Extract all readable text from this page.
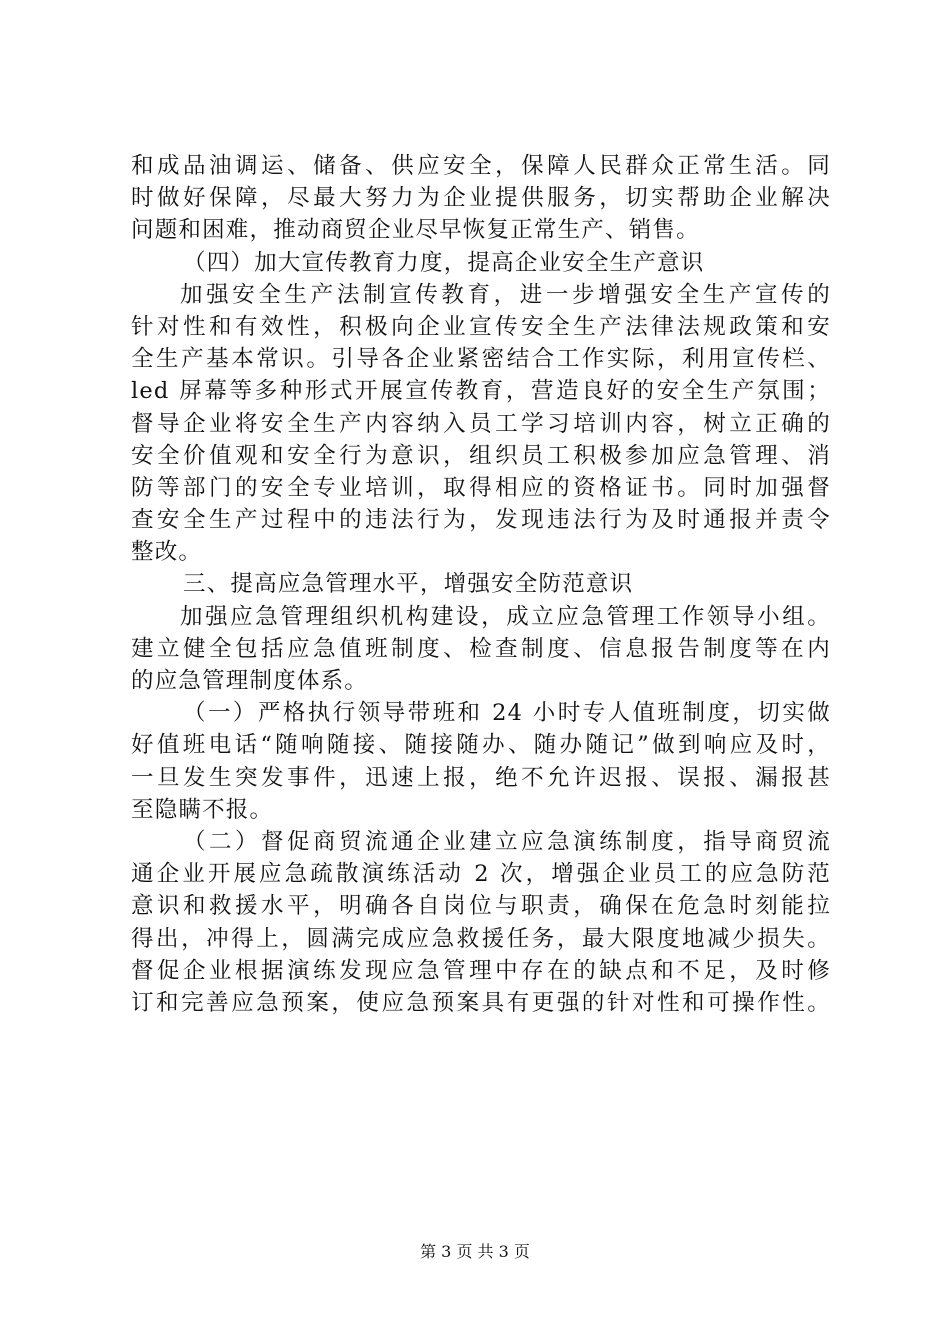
和成品油调运、储备、供应安全，保障人民群众正常生活。同
时做好保障，尽最大努力为企业提供服务，切实帮助企业解决
问题和困难，推动商贸企业尽早恢复正常生产、销售。
（四）加大宣传教育力度，提高企业安全生产意识
加强安全生产法制宣传教育，进一步增强安全生产宣传的
针对性和有效性，积极向企业宣传安全生产法律法规政策和安
全生产基本常识。引导各企业紧密结合工作实际，利用宣传栏、
led 屏幕等多种形式开展宣传教育，营造良好的安全生产氛围；
督导企业将安全生产内容纳入员工学习培训内容，树立正确的
安全价值观和安全行为意识，组织员工积极参加应急管理、消
防等部门的安全专业培训，取得相应的资格证书。同时加强督
查安全生产过程中的违法行为，发现违法行为及时通报并责令
整改。
三、提高应急管理水平，增强安全防范意识
加强应急管理组织机构建设，成立应急管理工作领导小组。
建立健全包括应急值班制度、检查制度、信息报告制度等在内
的应急管理制度体系。
（一）严格执行领导带班和 24 小时专人值班制度，切实做
好值班电话“随响随接、随接随办、随办随记”做到响应及时，
一旦发生突发事件，迅速上报，绝不允许迟报、误报、漏报甚
至隐瞒不报。
（二）督促商贸流通企业建立应急演练制度，指导商贸流
通企业开展应急疏散演练活动 2 次，增强企业员工的应急防范
意识和救援水平，明确各自岗位与职责，确保在危急时刻能拉
得出，冲得上，圆满完成应急救援任务，最大限度地减少损失。
督促企业根据演练发现应急管理中存在的缺点和不足，及时修
订和完善应急预案，使应急预案具有更强的针对性和可操作性。
第 3 页 共 3 页
